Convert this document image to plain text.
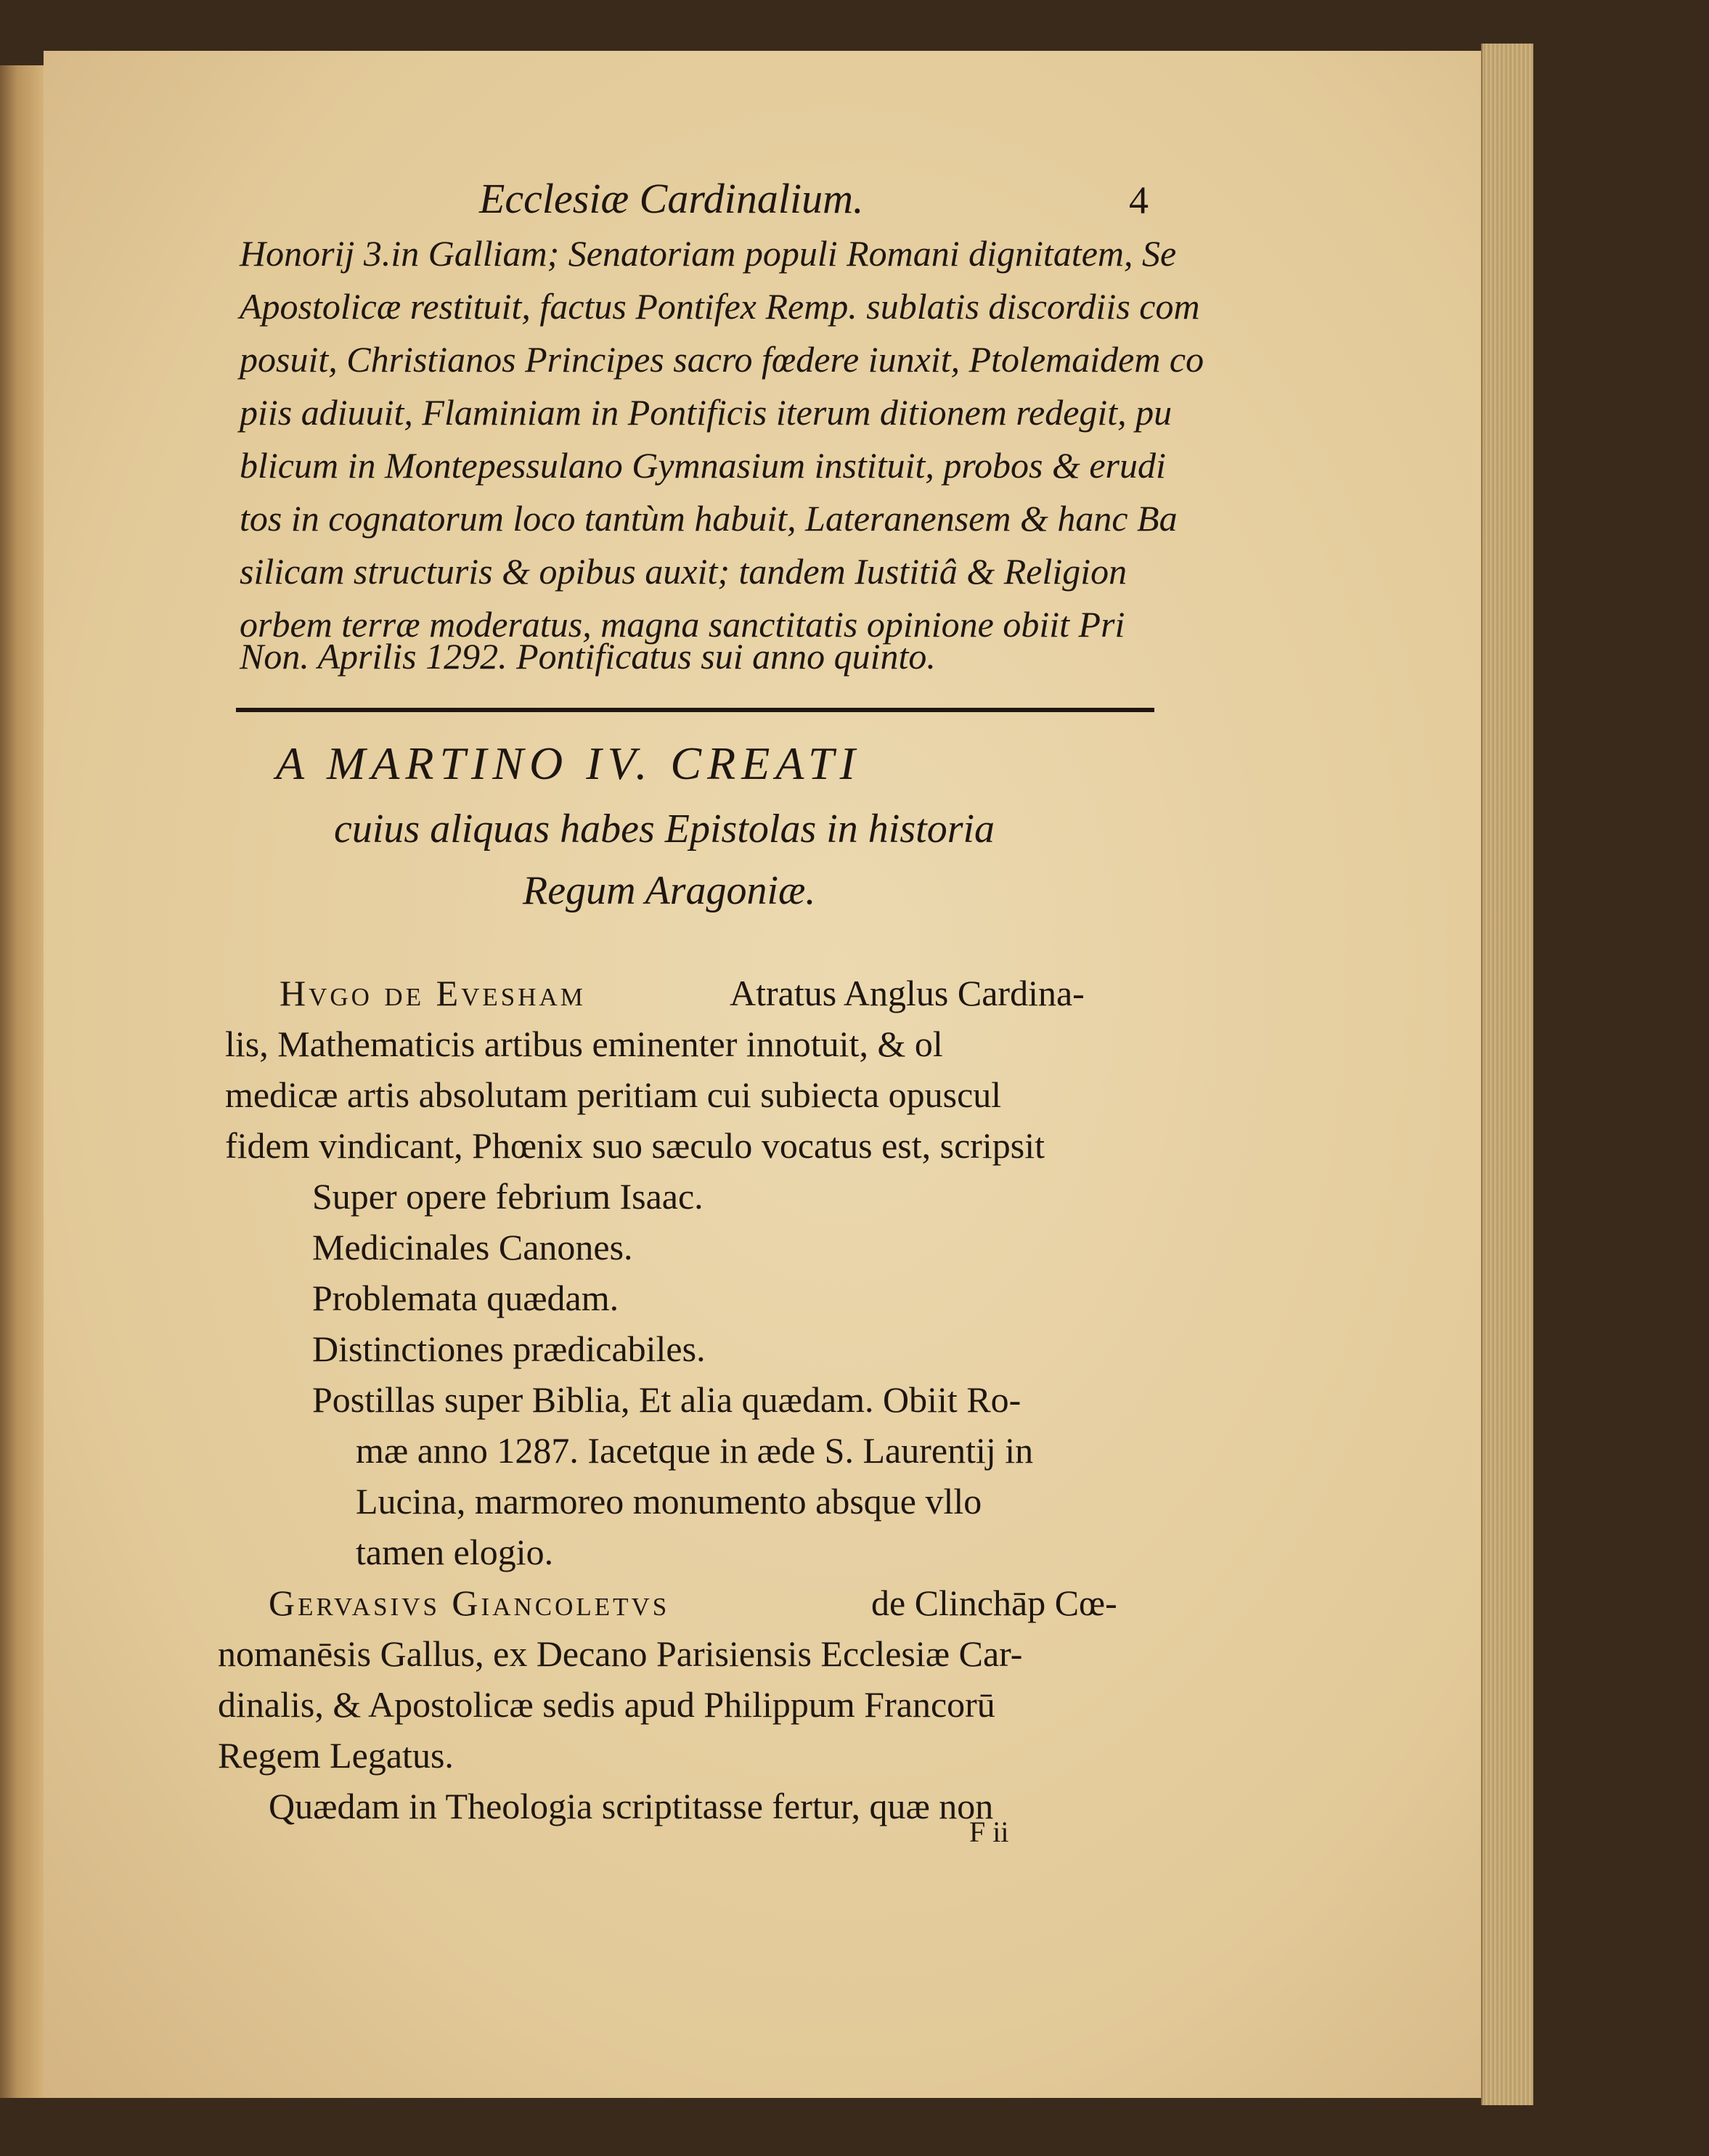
Ecclesiæ Cardinalium.	4
Honorij 3.in Galliam; Senatoriam populi Romani dignitatem, Se
Apostolicæ restituit, factus Pontifex Remp. sublatis discordiis com
posuit, Christianos Principes sacro fœdere iunxit, Ptolemaidem co
piis adiuuit, Flaminiam in Pontificis iterum ditionem redegit, pu
blicum in Montepessulano Gymnasium instituit, probos & erudi
tos in cognatorum loco tantùm habuit, Lateranensem & hanc Ba
silicam structuris & opibus auxit; tandem Iustitiâ & Religion
orbem terræ moderatus, magna sanctitatis opinione obiit Pri
Non. Aprilis 1292. Pontificatus sui anno quinto.
A MARTINO IV. CREATI
cuius aliquas habes Epistolas in historia
Regum Aragoniæ.
Hvgo de Evesham	Atratus Anglus Cardina-
lis, Mathematicis artibus eminenter innotuit, & ol
medicæ artis absolutam peritiam cui subiecta opuscul
fidem vindicant, Phœnix suo sæculo vocatus est, scripsit
Super opere febrium Isaac.
Medicinales Canones.
Problemata quædam.
Distinctiones prædicabiles.
Postillas super Biblia, Et alia quædam. Obiit Ro-
mæ anno 1287. Iacetque in æde S. Laurentij in
Lucina, marmoreo monumento absque vllo
tamen elogio.
Gervasivs Giancoletvs	de Clinchāp Cœ-
nomanēsis Gallus, ex Decano Parisiensis Ecclesiæ Car-
dinalis, & Apostolicæ sedis apud Philippum Francorū
Regem Legatus.
Quædam in Theologia scriptitasse fertur, quæ non
F ii
